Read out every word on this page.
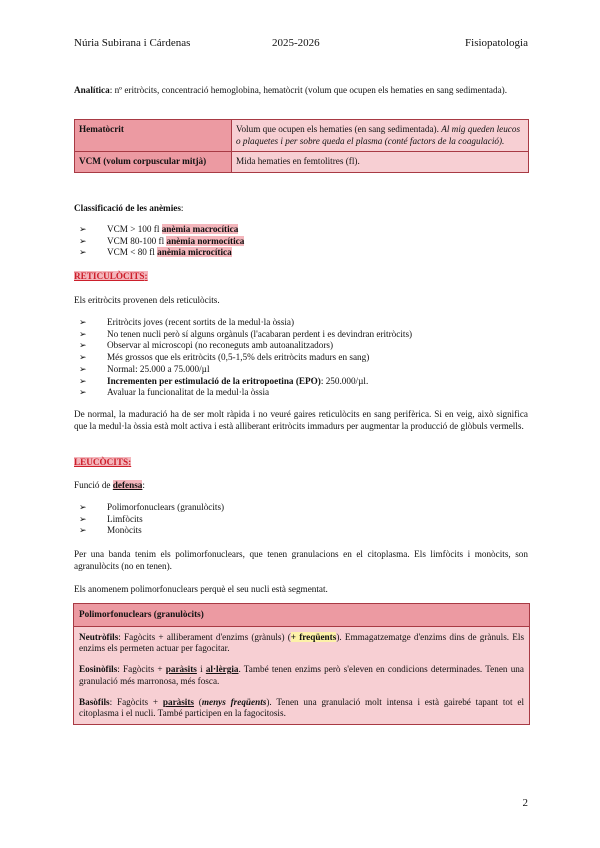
Núria Subirana i Cárdenas	2025-2026	Fisiopatologia

Analítica: nº eritròcits, concentració hemoglobina, hematòcrit (volum que ocupen els hematies en sang sedimentada).

Hematòcrit	Volum que ocupen els hematies (en sang sedimentada). Al mig queden leucos o plaquetes i per sobre queda el plasma (conté factors de la coagulació).
VCM (volum corpuscular mitjà)	Mida hematies en femtolitres (fl).

Classificació de les anèmies:

➢ VCM > 100 fl anèmia macrocítica
➢ VCM 80-100 fl anèmia normocítica
➢ VCM < 80 fl anèmia microcítica

RETICULÒCITS:

Els eritròcits provenen dels reticulòcits.

➢ Eritròcits joves (recent sortits de la medul·la òssia)
➢ No tenen nucli però sí alguns orgànuls (l'acabaran perdent i es devindran eritròcits)
➢ Observar al microscopi (no reconeguts amb autoanalitzadors)
➢ Més grossos que els eritròcits (0,5-1,5% dels eritròcits madurs en sang)
➢ Normal: 25.000 a 75.000/µl
➢ Incrementen per estimulació de la eritropoetina (EPO): 250.000/µl.
➢ Avaluar la funcionalitat de la medul·la òssia

De normal, la maduració ha de ser molt ràpida i no veuré gaires reticulòcits en sang perifèrica. Si en veig, això significa que la medul·la òssia està molt activa i està alliberant eritròcits immadurs per augmentar la producció de glòbuls vermells.

LEUCÒCITS:

Funció de defensa:

➢ Polimorfonuclears (granulòcits)
➢ Limfòcits
➢ Monòcits

Per una banda tenim els polimorfonuclears, que tenen granulacions en el citoplasma. Els limfòcits i monòcits, son agranulòcits (no en tenen).

Els anomenem polimorfonuclears perquè el seu nucli està segmentat.

Polimorfonuclears (granulòcits)

Neutròfils: Fagòcits + alliberament d'enzims (grànuls) (+ freqüents). Emmagatzematge d'enzims dins de grànuls. Els enzims els permeten actuar per fagocitar.

Eosinòfils: Fagòcits + paràsits i al·lèrgia. També tenen enzims però s'eleven en condicions determinades. Tenen una granulació més marronosa, més fosca.

Basòfils: Fagòcits + paràsits (menys freqüents). Tenen una granulació molt intensa i està gairebé tapant tot el citoplasma i el nucli. També participen en la fagocitosis.

2
